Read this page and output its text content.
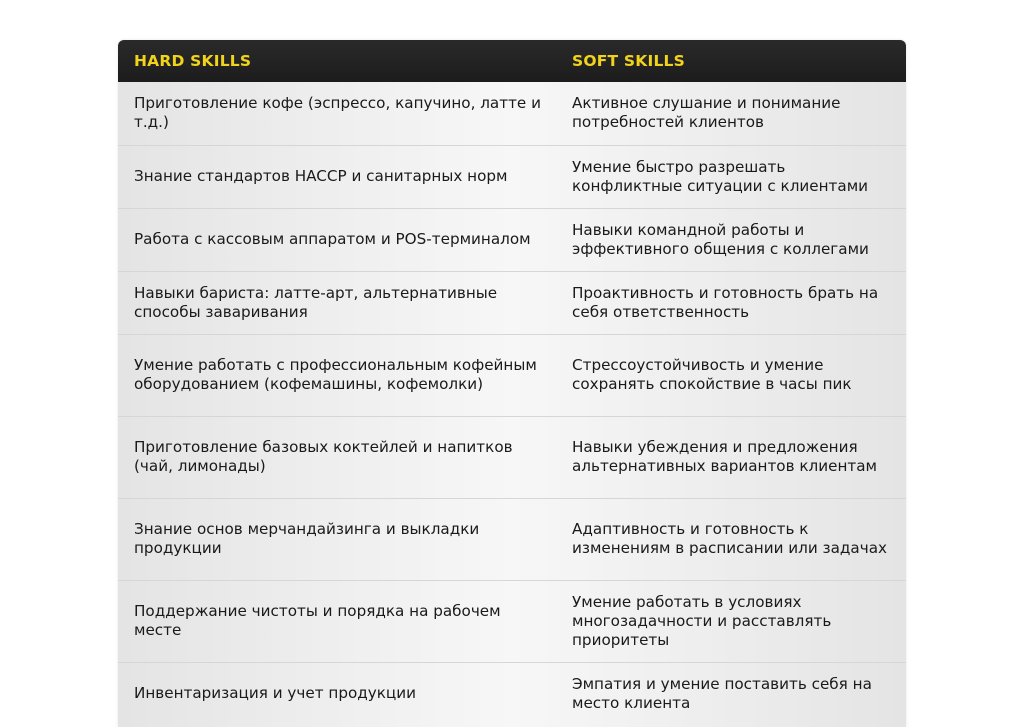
HARD SKILLS	SOFT SKILLS
Приготовление кофе (эспрессо, капучино, латте и т.д.)	Активное слушание и понимание потребностей клиентов
Знание стандартов HACCP и санитарных норм	Умение быстро разрешать конфликтные ситуации с клиентами
Работа с кассовым аппаратом и POS-терминалом	Навыки командной работы и эффективного общения с коллегами
Навыки бариста: латте-арт, альтернативные способы заваривания	Проактивность и готовность брать на себя ответственность
Умение работать с профессиональным кофейным оборудованием (кофемашины, кофемолки)	Стрессоустойчивость и умение сохранять спокойствие в часы пик
Приготовление базовых коктейлей и напитков (чай, лимонады)	Навыки убеждения и предложения альтернативных вариантов клиентам
Знание основ мерчандайзинга и выкладки продукции	Адаптивность и готовность к изменениям в расписании или задачах
Поддержание чистоты и порядка на рабочем месте	Умение работать в условиях многозадачности и расставлять приоритеты
Инвентаризация и учет продукции	Эмпатия и умение поставить себя на место клиента
